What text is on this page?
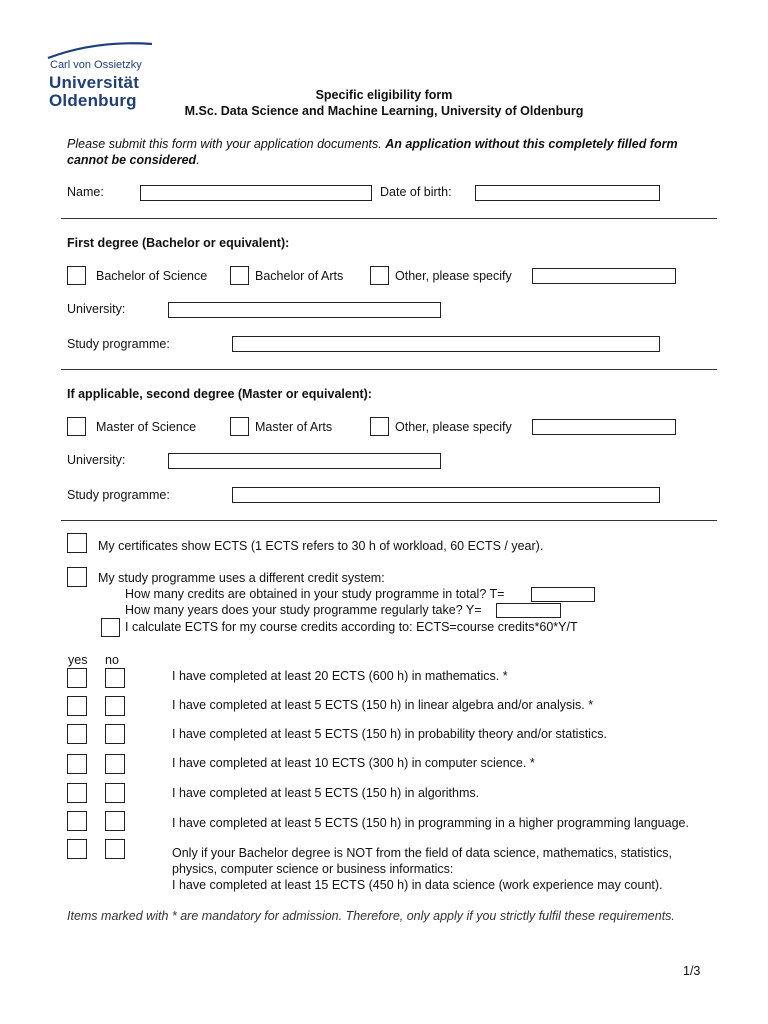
Carl von Ossietzky
Universität
Oldenburg	Specific eligibility form
M.Sc. Data Science and Machine Learning, University of Oldenburg
Please submit this form with your application documents. An application without this completely filled form
cannot be considered.
Name:	Date of birth:
First degree (Bachelor or equivalent):
Bachelor of Science	Bachelor of Arts	Other, please specify
University:
Study programme:
If applicable, second degree (Master or equivalent):
Master of Science	Master of Arts	Other, please specify
University:
Study programme:
My certificates show ECTS (1 ECTS refers to 30 h of workload, 60 ECTS / year).
My study programme uses a different credit system:
How many credits are obtained in your study programme in total? T=
How many years does your study programme regularly take? Y=
I calculate ECTS for my course credits according to: ECTS=course credits*60*Y/T
yes no
I have completed at least 20 ECTS (600 h) in mathematics. *
I have completed at least 5 ECTS (150 h) in linear algebra and/or analysis. *
I have completed at least 5 ECTS (150 h) in probability theory and/or statistics.
I have completed at least 10 ECTS (300 h) in computer science. *
I have completed at least 5 ECTS (150 h) in algorithms.
I have completed at least 5 ECTS (150 h) in programming in a higher programming language.
Only if your Bachelor degree is NOT from the field of data science, mathematics, statistics,
physics, computer science or business informatics:
I have completed at least 15 ECTS (450 h) in data science (work experience may count).
Items marked with * are mandatory for admission. Therefore, only apply if you strictly fulfil these requirements.
1/3
